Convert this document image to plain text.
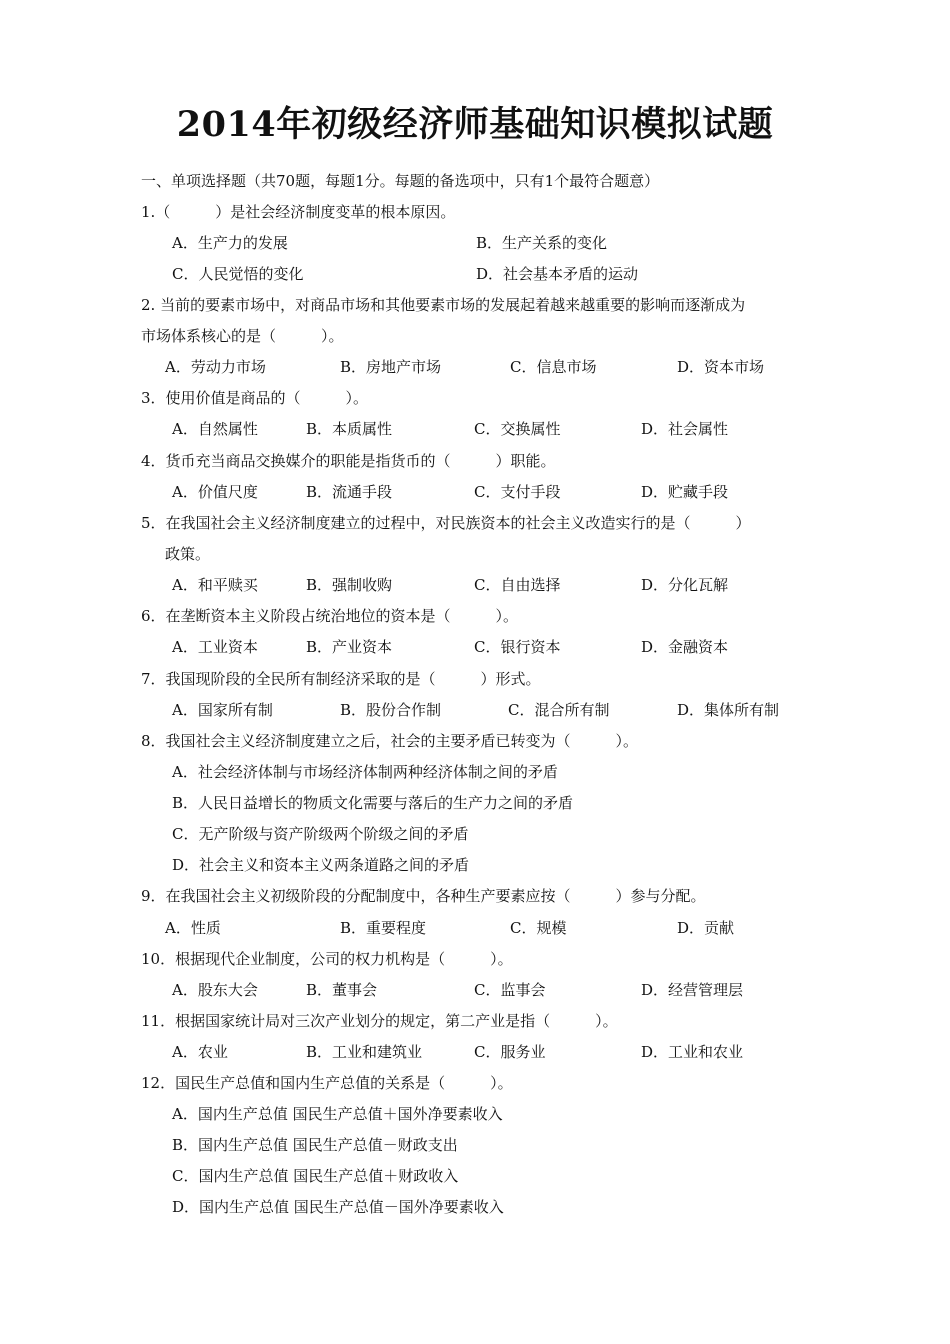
2014年初级经济师基础知识模拟试题
一、单项选择题（共70题，每题1分。每题的备选项中，只有1个最符合题意）
1.（　　　）是社会经济制度变革的根本原因。
A．生产力的发展	B．生产关系的变化
C．人民觉悟的变化	D．社会基本矛盾的运动
2. 当前的要素市场中，对商品市场和其他要素市场的发展起着越来越重要的影响而逐渐成为
市场体系核心的是（　　　）。
A．劳动力市场	B．房地产市场	C．信息市场	D．资本市场
3．使用价值是商品的（　　　）。
A．自然属性	B．本质属性	C．交换属性	D．社会属性
4．货币充当商品交换媒介的职能是指货币的（　　　）职能。
A．价值尺度	B．流通手段	C．支付手段	D．贮藏手段
5．在我国社会主义经济制度建立的过程中，对民族资本的社会主义改造实行的是（　　　）
政策。
A．和平赎买	B．强制收购	C．自由选择	D．分化瓦解
6．在垄断资本主义阶段占统治地位的资本是（　　　）。
A．工业资本	B．产业资本	C．银行资本	D．金融资本
7．我国现阶段的全民所有制经济采取的是（　　　）形式。
A．国家所有制	B．股份合作制	C．混合所有制	D．集体所有制
8．我国社会主义经济制度建立之后，社会的主要矛盾已转变为（　　　）。
A．社会经济体制与市场经济体制两种经济体制之间的矛盾
B．人民日益增长的物质文化需要与落后的生产力之间的矛盾
C．无产阶级与资产阶级两个阶级之间的矛盾
D．社会主义和资本主义两条道路之间的矛盾
9．在我国社会主义初级阶段的分配制度中，各种生产要素应按（　　　）参与分配。
A．性质	B．重要程度	C．规模	D．贡献
10．根据现代企业制度，公司的权力机构是（　　　）。
A．股东大会	B．董事会	C．监事会	D．经营管理层
11．根据国家统计局对三次产业划分的规定，第二产业是指（　　　）。
A．农业	B．工业和建筑业	C．服务业	D．工业和农业
12．国民生产总值和国内生产总值的关系是（　　　）。
A．国内生产总值 国民生产总值＋国外净要素收入
B．国内生产总值 国民生产总值－财政支出
C．国内生产总值 国民生产总值＋财政收入
D．国内生产总值 国民生产总值－国外净要素收入
